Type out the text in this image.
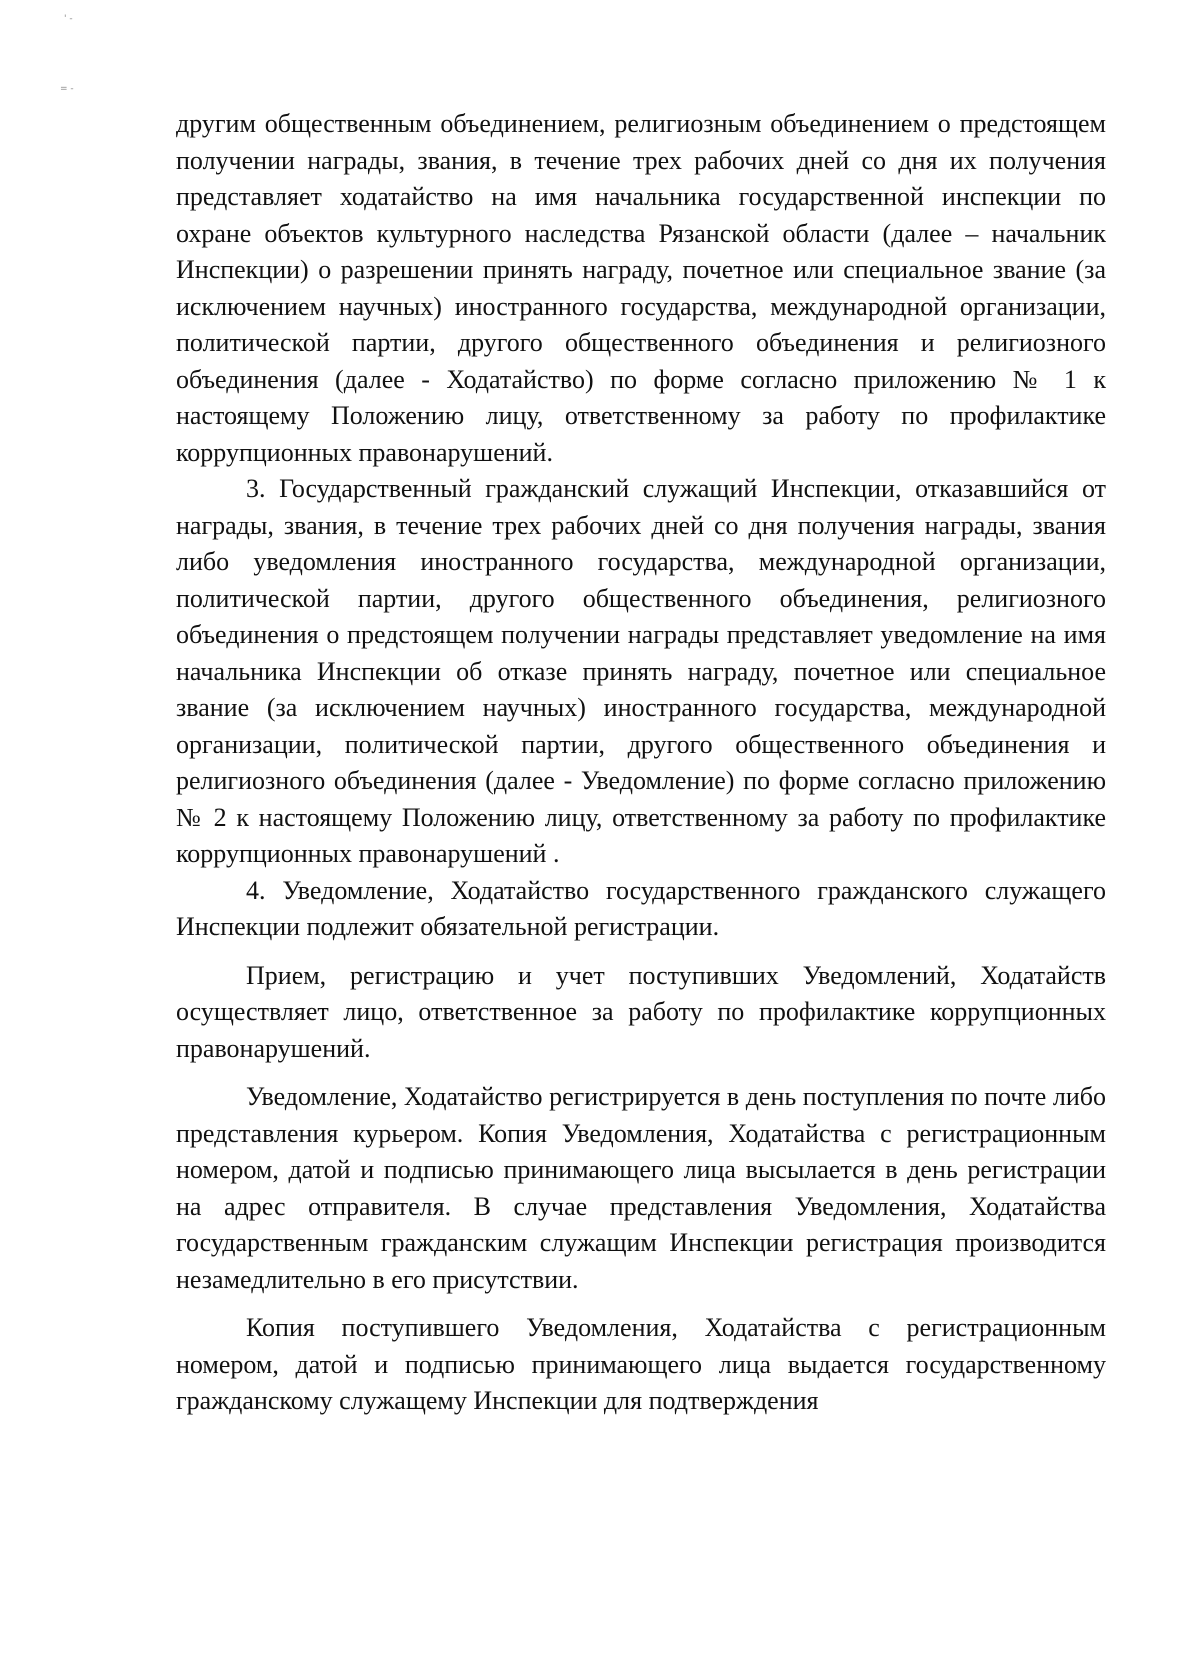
' -
= -

другим общественным объединением, религиозным объединением о предстоящем получении награды, звания, в течение трех рабочих дней со дня их получения представляет ходатайство на имя начальника государственной инспекции по охране объектов культурного наследства Рязанской области (далее – начальник Инспекции) о разрешении принять награду, почетное или специальное звание (за исключением научных) иностранного государства, международной организации, политической партии, другого общественного объединения и религиозного объединения (далее - Ходатайство) по форме согласно приложению № 1 к настоящему Положению лицу, ответственному за работу по профилактике коррупционных правонарушений.

3. Государственный гражданский служащий Инспекции, отказавшийся от награды, звания, в течение трех рабочих дней со дня получения награды, звания либо уведомления иностранного государства, международной организации, политической партии, другого общественного объединения, религиозного объединения о предстоящем получении награды представляет уведомление на имя начальника Инспекции об отказе принять награду, почетное или специальное звание (за исключением научных) иностранного государства, международной организации, политической партии, другого общественного объединения и религиозного объединения (далее - Уведомление) по форме согласно приложению № 2 к настоящему Положению лицу, ответственному за работу по профилактике коррупционных правонарушений .

4. Уведомление, Ходатайство государственного гражданского служащего Инспекции подлежит обязательной регистрации.

Прием, регистрацию и учет поступивших Уведомлений, Ходатайств осуществляет лицо, ответственное за работу по профилактике коррупционных правонарушений.

Уведомление, Ходатайство регистрируется в день поступления по почте либо представления курьером. Копия Уведомления, Ходатайства с регистрационным номером, датой и подписью принимающего лица высылается в день регистрации на адрес отправителя. В случае представления Уведомления, Ходатайства государственным гражданским служащим Инспекции регистрация производится незамедлительно в его присутствии.

Копия поступившего Уведомления, Ходатайства с регистрационным номером, датой и подписью принимающего лица выдается государственному гражданскому служащему Инспекции для подтверждения
